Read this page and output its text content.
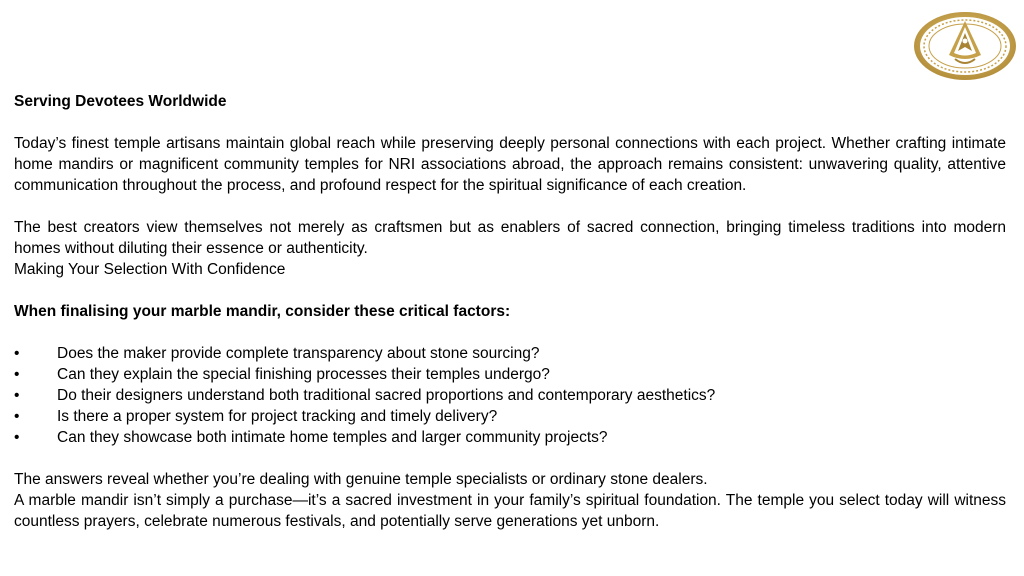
Serving Devotees Worldwide

Today’s finest temple artisans maintain global reach while preserving deeply personal connections with each project. Whether crafting intimate home mandirs or magnificent community temples for NRI associations abroad, the approach remains consistent: unwavering quality, attentive communication throughout the process, and profound respect for the spiritual significance of each creation.

The best creators view themselves not merely as craftsmen but as enablers of sacred connection, bringing timeless traditions into modern homes without diluting their essence or authenticity.

Making Your Selection With Confidence

When finalising your marble mandir, consider these critical factors:

•	Does the maker provide complete transparency about stone sourcing?
•	Can they explain the special finishing processes their temples undergo?
•	Do their designers understand both traditional sacred proportions and contemporary aesthetics?
•	Is there a proper system for project tracking and timely delivery?
•	Can they showcase both intimate home temples and larger community projects?

The answers reveal whether you’re dealing with genuine temple specialists or ordinary stone dealers.

A marble mandir isn’t simply a purchase—it’s a sacred investment in your family’s spiritual foundation. The temple you select today will witness countless prayers, celebrate numerous festivals, and potentially serve generations yet unborn.
